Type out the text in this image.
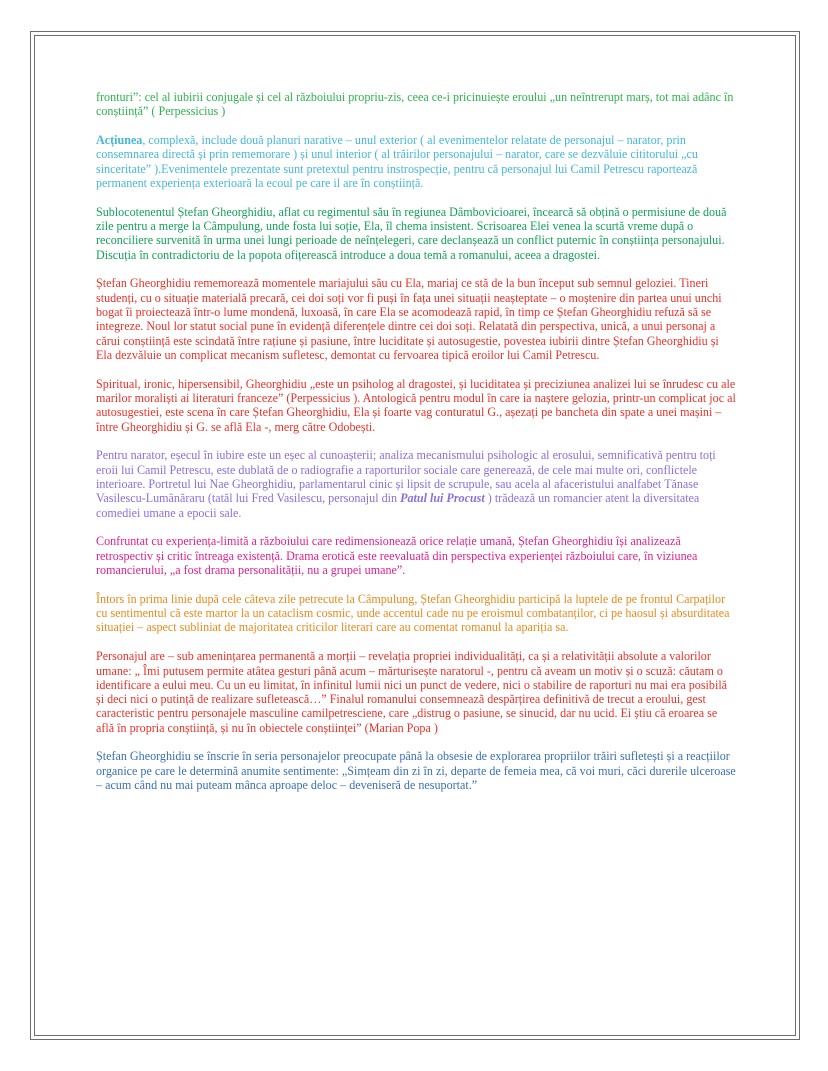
fronturi”: cel al iubirii conjugale și cel al războiului propriu-zis, ceea ce-i pricinuiește eroului „un neîntrerupt marș, tot mai adânc în conștiință” ( Perpessicius )

Acțiunea, complexă, include două planuri narative – unul exterior ( al evenimentelor relatate de personajul – narator, prin consemnarea directă și prin rememorare ) și unul interior ( al trăirilor personajului – narator, care se dezvăluie cititorului „cu sinceritate” ).Evenimentele prezentate sunt pretextul pentru instrospecție, pentru că personajul lui Camil Petrescu raportează permanent experiența exterioară la ecoul pe care il are în conștiință.

Sublocotenentul Ștefan Gheorghidiu, aflat cu regimentul său în regiunea Dâmbovicioarei, încearcă să obțină o permisiune de două zile pentru a merge la Câmpulung, unde fosta lui soție, Ela, îl chema insistent. Scrisoarea Elei venea la scurtă vreme după o reconciliere survenită în urma unei lungi perioade de neînțelegeri, care declanșează un conflict puternic în conștiința personajului. Discuția în contradictoriu de la popota ofițerească introduce a doua temă a romanului, aceea a dragostei.

Ștefan Gheorghidiu rememorează momentele mariajului său cu Ela, mariaj ce stă de la bun început sub semnul geloziei. Tineri studenți, cu o situație materială precară, cei doi soți vor fi puși în fața unei situații neașteptate – o moștenire din partea unui unchi bogat îi proiectează într-o lume mondenă, luxoasă, în care Ela se acomodează rapid, în timp ce Ștefan Gheorghidiu refuză să se integreze. Noul lor statut social pune în evidență diferențele dintre cei doi soți. Relatată din perspectiva, unică, a unui personaj a cărui conștiință este scindată între rațiune și pasiune, între luciditate și autosugestie, povestea iubirii dintre Ștefan Gheorghidiu și Ela dezvăluie un complicat mecanism sufletesc, demontat cu fervoarea tipică eroilor lui Camil Petrescu.

Spiritual, ironic, hipersensibil, Gheorghidiu „este un psiholog al dragostei, și luciditatea și preciziunea analizei lui se înrudesc cu ale marilor moraliști ai literaturi franceze” (Perpessicius ). Antologică pentru modul în care ia naștere gelozia, printr-un complicat joc al autosugestiei, este scena în care Ștefan Gheorghidiu, Ela și foarte vag conturatul G., așezați pe bancheta din spate a unei mașini – între Gheorghidiu și G. se află Ela -, merg către Odobești.

Pentru narator, eșecul în iubire este un eșec al cunoașterii; analiza mecanismului psihologic al erosului, semnificativă pentru toți eroii lui Camil Petrescu, este dublată de o radiografie a raporturilor sociale care generează, de cele mai multe ori, conflictele interioare. Portretul lui Nae Gheorghidiu, parlamentarul cinic și lipsit de scrupule, sau acela al afaceristului analfabet Tănase Vasilescu-Lumânăraru (tatăl lui Fred Vasilescu, personajul din Patul lui Procust ) trădează un romancier atent la diversitatea comediei umane a epocii sale.

Confruntat cu experiența-limită a războiului care redimensionează orice relație umană, Ștefan Gheorghidiu își analizează retrospectiv și critic întreaga existență. Drama erotică este reevaluată din perspectiva experienței războiului care, în viziunea romancierului, „a fost drama personalității, nu a grupei umane”.

Întors în prima linie după cele câteva zile petrecute la Câmpulung, Ștefan Gheorghidiu participă la luptele de pe frontul Carpaților cu sentimentul că este martor la un cataclism cosmic, unde accentul cade nu pe eroismul combatanților, ci pe haosul și absurditatea situației – aspect subliniat de majoritatea criticilor literari care au comentat romanul la apariția sa.

Personajul are – sub amenințarea permanentă a morții – revelația propriei individualități, ca și a relativității absolute a valorilor umane: „ Îmi putusem permite atâtea gesturi până acum – mărturisește naratorul -, pentru că aveam un motiv și o scuză: căutam o identificare a eului meu. Cu un eu limitat, în infinitul lumii nici un punct de vedere, nici o stabilire de raporturi nu mai era posibilă și deci nici o putință de realizare sufletească…” Finalul romanului consemnează despărțirea definitivă de trecut a eroului, gest caracteristic pentru personajele masculine camilpetresciene, care „distrug o pasiune, se sinucid, dar nu ucid. Ei știu că eroarea se află în propria conștiință, și nu în obiectele conștiinței” (Marian Popa )

Ștefan Gheorghidiu se înscrie în seria personajelor preocupate până la obsesie de explorarea propriilor trăiri sufletești și a reacțiilor organice pe care le determină anumite sentimente: „Simțeam din zi în zi, departe de femeia mea, că voi muri, căci durerile ulceroase – acum când nu mai puteam mânca aproape deloc – deveniseră de nesuportat.”
